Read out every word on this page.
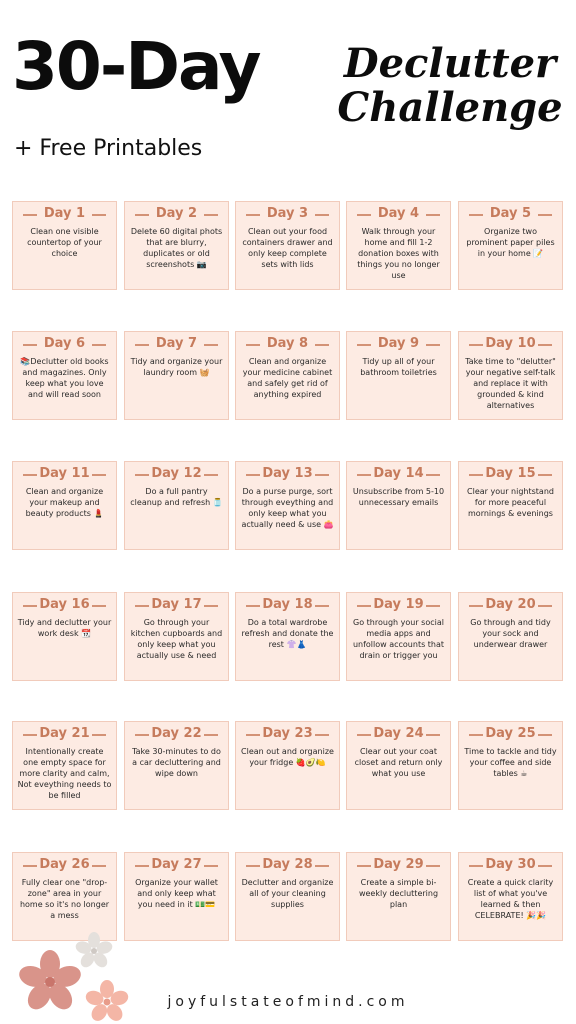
30-Day Declutter
Challenge
+ Free Printables
Day 1
Clean one visible countertop of your choice
Day 2
Delete 60 digital phots that are blurry, duplicates or old screenshots 📷
Day 3
Clean out your food containers drawer and only keep complete sets with lids
Day 4
Walk through your home and fill 1-2 donation boxes with things you no longer use
Day 5
Organize two prominent paper piles in your home 📝
Day 6
📚Declutter old books and magazines. Only keep what you love and will read soon
Day 7
Tidy and organize your laundry room 🧺
Day 8
Clean and organize your medicine cabinet and safely get rid of anything expired
Day 9
Tidy up all of your bathroom toiletries
Day 10
Take time to "delutter" your negative self-talk and replace it with grounded & kind alternatives
Day 11
Clean and organize your makeup and beauty products 💄
Day 12
Do a full pantry cleanup and refresh 🫙
Day 13
Do a purse purge, sort through eveything and only keep what you actually need & use 👛
Day 14
Unsubscribe from 5-10 unnecessary emails
Day 15
Clear your nightstand for more peaceful mornings & evenings
Day 16
Tidy and declutter your work desk 📆
Day 17
Go through your kitchen cupboards and only keep what you actually use & need
Day 18
Do a total wardrobe refresh and donate the rest 👚👗
Day 19
Go through your social media apps and unfollow accounts that drain or trigger you
Day 20
Go through and tidy your sock and underwear drawer
Day 21
Intentionally create one empty space for more clarity and calm, Not eveything needs to be filled
Day 22
Take 30-minutes to do a car decluttering and wipe down
Day 23
Clean out and organize your fridge 🍓🥑🍋
Day 24
Clear out your coat closet and return only what you use
Day 25
Time to tackle and tidy your coffee and side tables ☕
Day 26
Fully clear one "drop-zone" area in your home so it's no longer a mess
Day 27
Organize your wallet and only keep what you need in it 💵💳
Day 28
Declutter and organize all of your cleaning supplies
Day 29
Create a simple bi-weekly decluttering plan
Day 30
Create a quick clarity list of what you've learned & then CELEBRATE! 🎉🎉
joyfulstateofmind.com
